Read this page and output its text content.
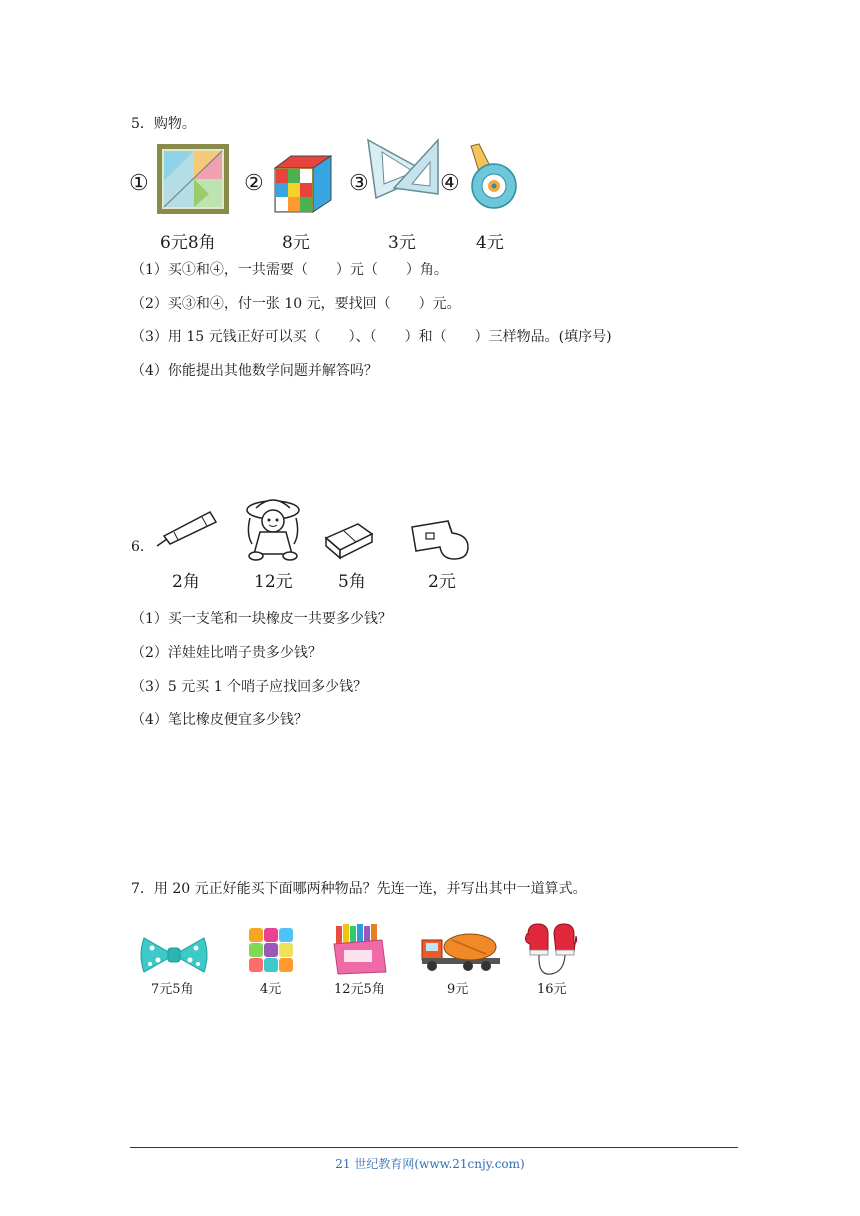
5．购物。
①
6元8角
②
8元
③
3元
④
4元
（1）买①和④，一共需要（　　）元（　　）角。
（2）买③和④，付一张 10 元，要找回（　　）元。
（3）用 15 元钱正好可以买（　　）、（　　）和（　　）三样物品。(填序号)
（4）你能提出其他数学问题并解答吗？
6．
2角	12元	5角	2元
（1）买一支笔和一块橡皮一共要多少钱？
（2）洋娃娃比哨子贵多少钱？
（3）5 元买 1 个哨子应找回多少钱？
（4）笔比橡皮便宜多少钱？
7．用 20 元正好能买下面哪两种物品？先连一连，并写出其中一道算式。
7元5角	4元	12元5角	9元	16元
21 世纪教育网(www.21cnjy.com)
